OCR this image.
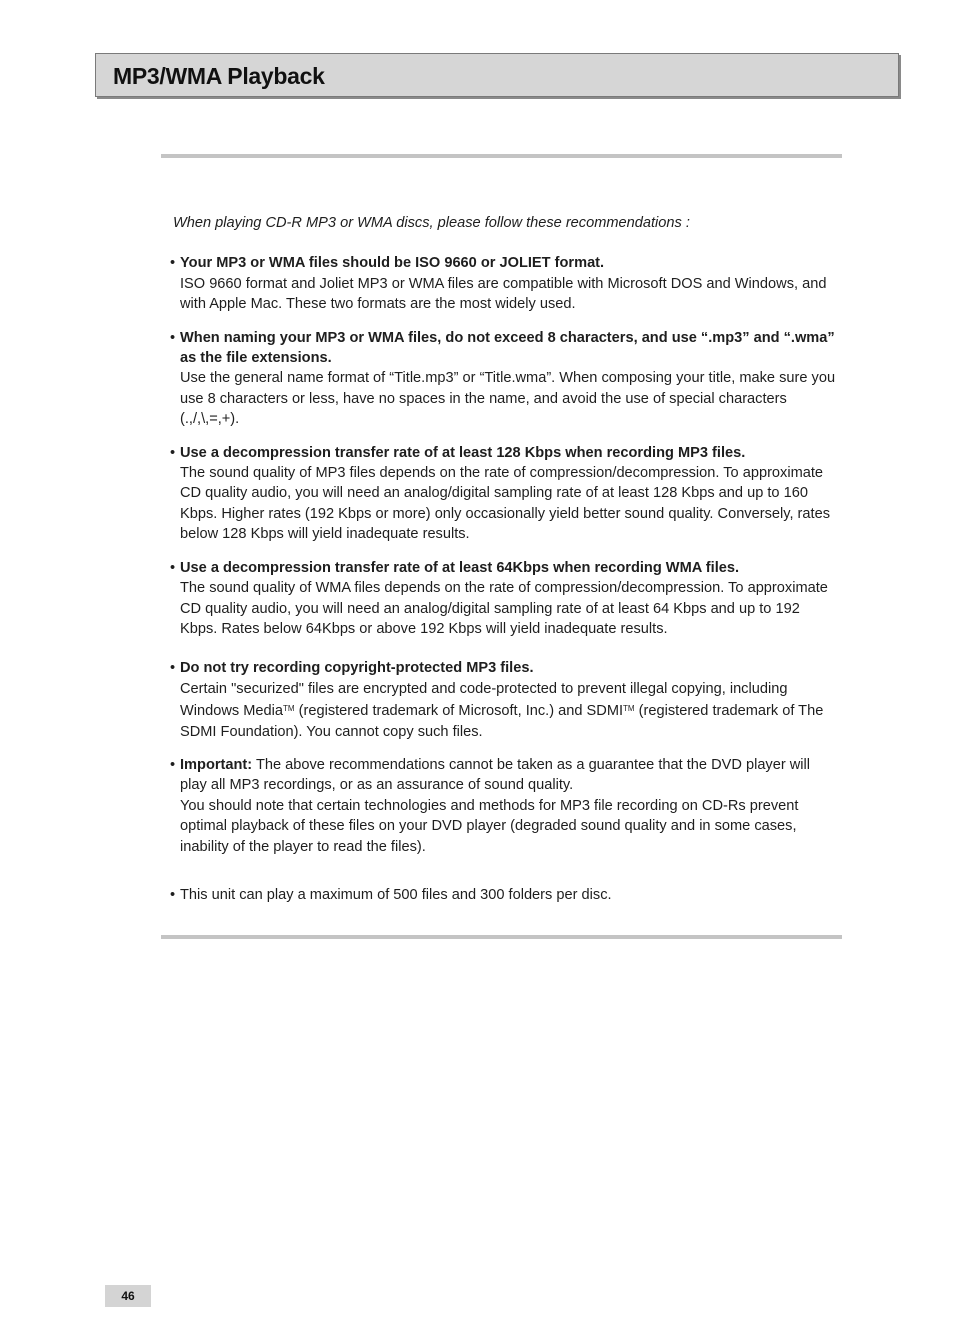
MP3/WMA Playback

When playing CD-R MP3 or WMA discs, please follow these recommendations :

• Your MP3 or WMA files should be ISO 9660 or JOLIET format.
ISO 9660 format and Joliet MP3 or WMA files are compatible with Microsoft DOS and Windows, and with Apple Mac. These two formats are the most widely used.
• When naming your MP3 or WMA files, do not exceed 8 characters, and use “.mp3” and “.wma” as the file extensions.
Use the general name format of “Title.mp3” or “Title.wma”. When composing your title, make sure you use 8 characters or less, have no spaces in the name, and avoid the use of special characters (.,/,\,=,+).
• Use a decompression transfer rate of at least 128 Kbps when recording MP3 files.
The sound quality of MP3 files depends on the rate of compression/decompression. To approximate CD quality audio, you will need an analog/digital sampling rate of at least 128 Kbps and up to 160 Kbps. Higher rates (192 Kbps or more) only occasionally yield better sound quality. Conversely, rates below 128 Kbps will yield inadequate results.
• Use a decompression transfer rate of at least 64Kbps when recording WMA files.
The sound quality of WMA files depends on the rate of compression/decompression. To approximate CD quality audio, you will need an analog/digital sampling rate of at least 64 Kbps and up to 192 Kbps. Rates below 64Kbps or above 192 Kbps will yield inadequate results.
• Do not try recording copyright-protected MP3 files.
Certain "securized" files are encrypted and code-protected to prevent illegal copying, including Windows Media™ (registered trademark of Microsoft, Inc.) and SDMI™ (registered trademark of The SDMI Foundation). You cannot copy such files.
• Important: The above recommendations cannot be taken as a guarantee that the DVD player will play all MP3 recordings, or as an assurance of sound quality.
You should note that certain technologies and methods for MP3 file recording on CD-Rs prevent optimal playback of these files on your DVD player (degraded sound quality and in some cases, inability of the player to read the files).
• This unit can play a maximum of 500 files and 300 folders per disc.
46
